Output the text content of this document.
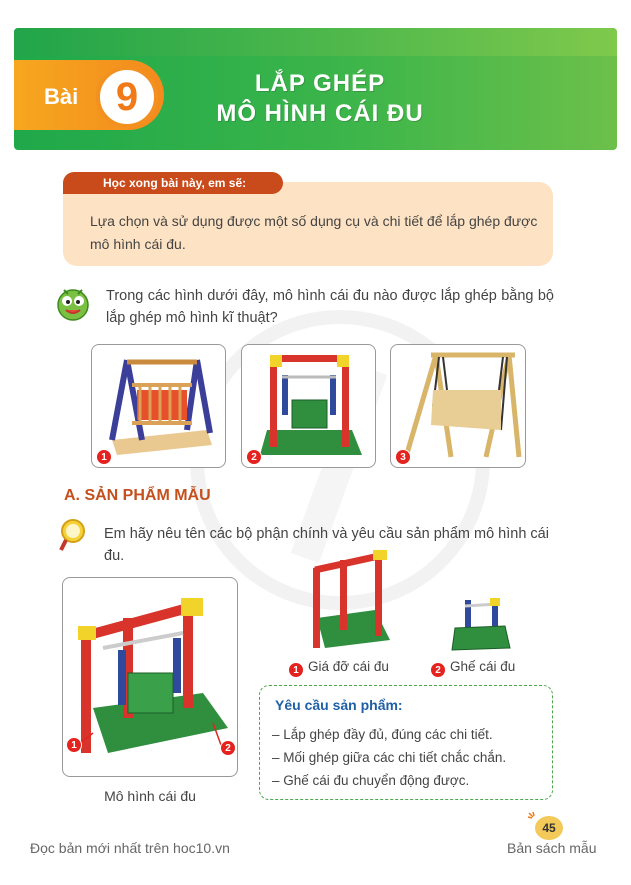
Bài 9	LẮP GHÉP
MÔ HÌNH CÁI ĐU
Học xong bài này, em sẽ:
Lựa chọn và sử dụng được một số dụng cụ và chi tiết để lắp ghép được mô hình cái đu.
Trong các hình dưới đây, mô hình cái đu nào được lắp ghép bằng bộ lắp ghép mô hình kĩ thuật?
1	2	3
A. SẢN PHẨM MẪU
Em hãy nêu tên các bộ phận chính và yêu cầu sản phẩm mô hình cái đu.
1	2
Mô hình cái đu
1 Giá đỡ cái đu	2 Ghế cái đu
Yêu cầu sản phẩm:
– Lắp ghép đầy đủ, đúng các chi tiết.
– Mối ghép giữa các chi tiết chắc chắn.
– Ghế cái đu chuyển động được.
45
Đọc bản mới nhất trên hoc10.vn	Bản sách mẫu
